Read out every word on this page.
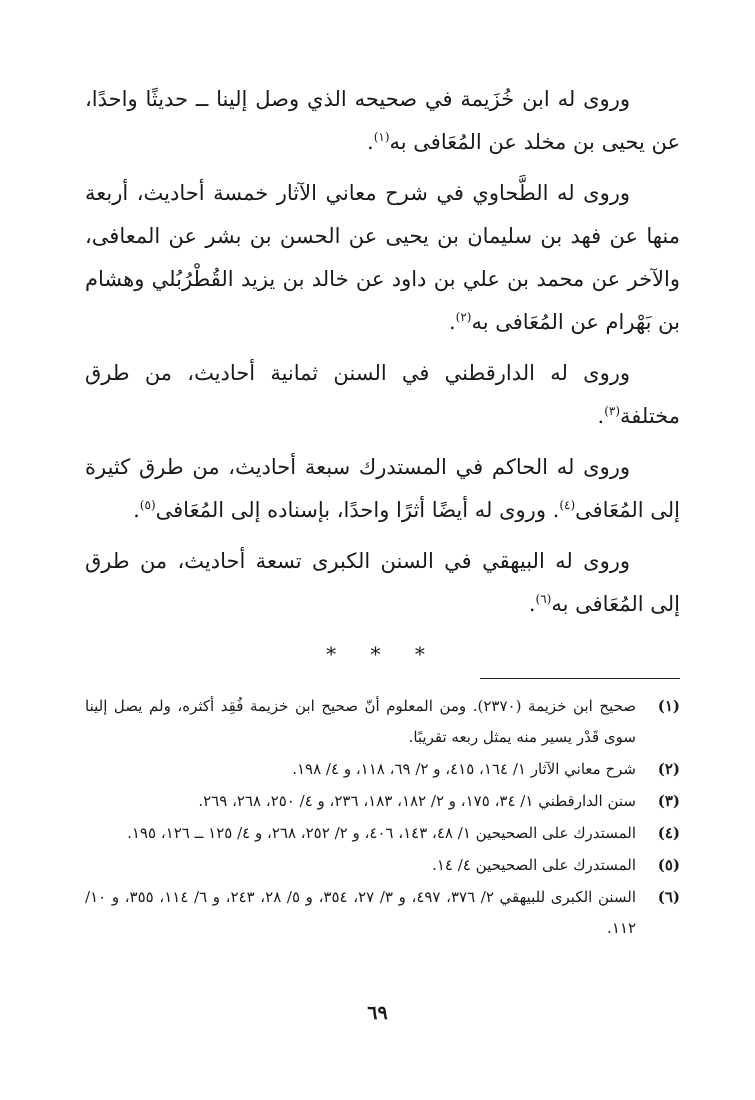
وروى له ابن خُزَيمة في صحيحه الذي وصل إلينا ــ حديثًا واحدًا، عن يحيى بن مخلد عن المُعَافى به$^{(١)}$.

وروى له الطَّحاوي في شرح معاني الآثار خمسة أحاديث، أربعة منها عن فهد بن سليمان بن يحيى عن الحسن بن بشر عن المعافى، والآخر عن محمد بن علي بن داود عن خالد بن يزيد القُطْرُبُلي وهشام بن بَهْرام عن المُعَافى به$^{(٢)}$.

وروى له الدارقطني في السنن ثمانية أحاديث، من طرق مختلفة$^{(٣)}$.

وروى له الحاكم في المستدرك سبعة أحاديث، من طرق كثيرة إلى المُعَافى$^{(٤)}$. وروى له أيضًا أثرًا واحدًا، بإسناده إلى المُعَافى$^{(٥)}$.

وروى له البيهقي في السنن الكبرى تسعة أحاديث، من طرق إلى المُعَافى به$^{(٦)}$.

* * *
(١)
صحيح ابن خزيمة (٢٣٧٠). ومن المعلوم أنّ صحيح ابن خزيمة فُقِد أكثره، ولم يصل إلينا سوى قَدْر يسير منه يمثل ربعه تقريبًا.
(٢)
شرح معاني الآثار ١/ ١٦٤، ٤١٥، و ٢/ ٦٩، ١١٨، و ٤/ ١٩٨.
(٣)
سنن الدارقطني ١/ ٣٤، ١٧٥، و ٢/ ١٨٢، ١٨٣، ٢٣٦، و ٤/ ٢٥٠، ٢٦٨، ٢٦٩.
(٤)
المستدرك على الصحيحين ١/ ٤٨، ١٤٣، ٤٠٦، و ٢/ ٢٥٢، ٢٦٨، و ٤/ ١٢٥ ــ ١٢٦، ١٩٥.
(٥)
المستدرك على الصحيحين ٤/ ١٤.
(٦)
السنن الكبرى للبيهقي ٢/ ٣٧٦، ٤٩٧، و ٣/ ٢٧، ٣٥٤، و ٥/ ٢٨، ٢٤٣، و ٦/ ١١٤، ٣٥٥، و ١٠/ ١١٢.
٦٩
